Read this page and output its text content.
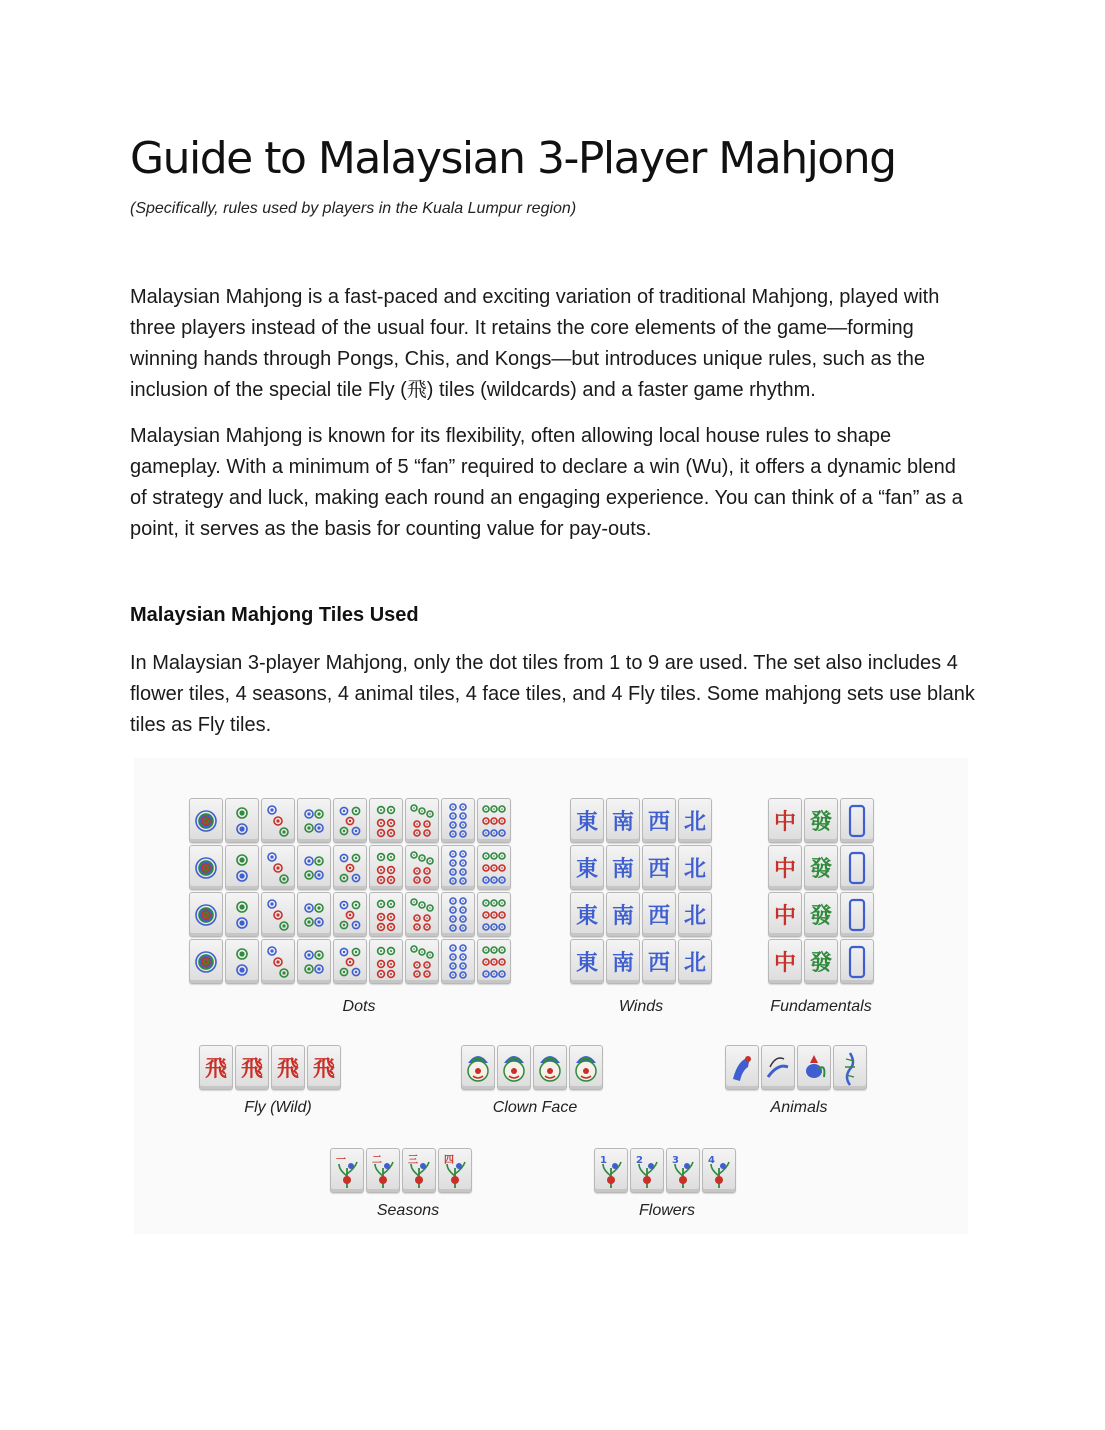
Guide to Malaysian 3-Player Mahjong
(Specifically, rules used by players in the Kuala Lumpur region)

Malaysian Mahjong is a fast-paced and exciting variation of traditional Mahjong, played with three players instead of the usual four. It retains the core elements of the game—forming winning hands through Pongs, Chis, and Kongs—but introduces unique rules, such as the inclusion of the special tile Fly (飛) tiles (wildcards) and a faster game rhythm.

Malaysian Mahjong is known for its flexibility, often allowing local house rules to shape gameplay. With a minimum of 5 “fan” required to declare a win (Wu), it offers a dynamic blend of strategy and luck, making each round an engaging experience. You can think of a “fan” as a point, it serves as the basis for counting value for pay-outs.

Malaysian Mahjong Tiles Used

In Malaysian 3-player Mahjong, only the dot tiles from 1 to 9 are used. The set also includes 4 flower tiles, 4 seasons, 4 animal tiles, 4 face tiles, and 4 Fly tiles. Some mahjong sets use blank tiles as Fly tiles.

Dots
東 南 西 北
東 南 西 北
東 南 西 北
東 南 西 北
Winds
中 發
中 發
中 發
中 發
Fundamentals
飛 飛 飛 飛
Fly (Wild)	Clown Face	Animals
一	二	三	四
Seasons
1	2	3	4
Flowers
